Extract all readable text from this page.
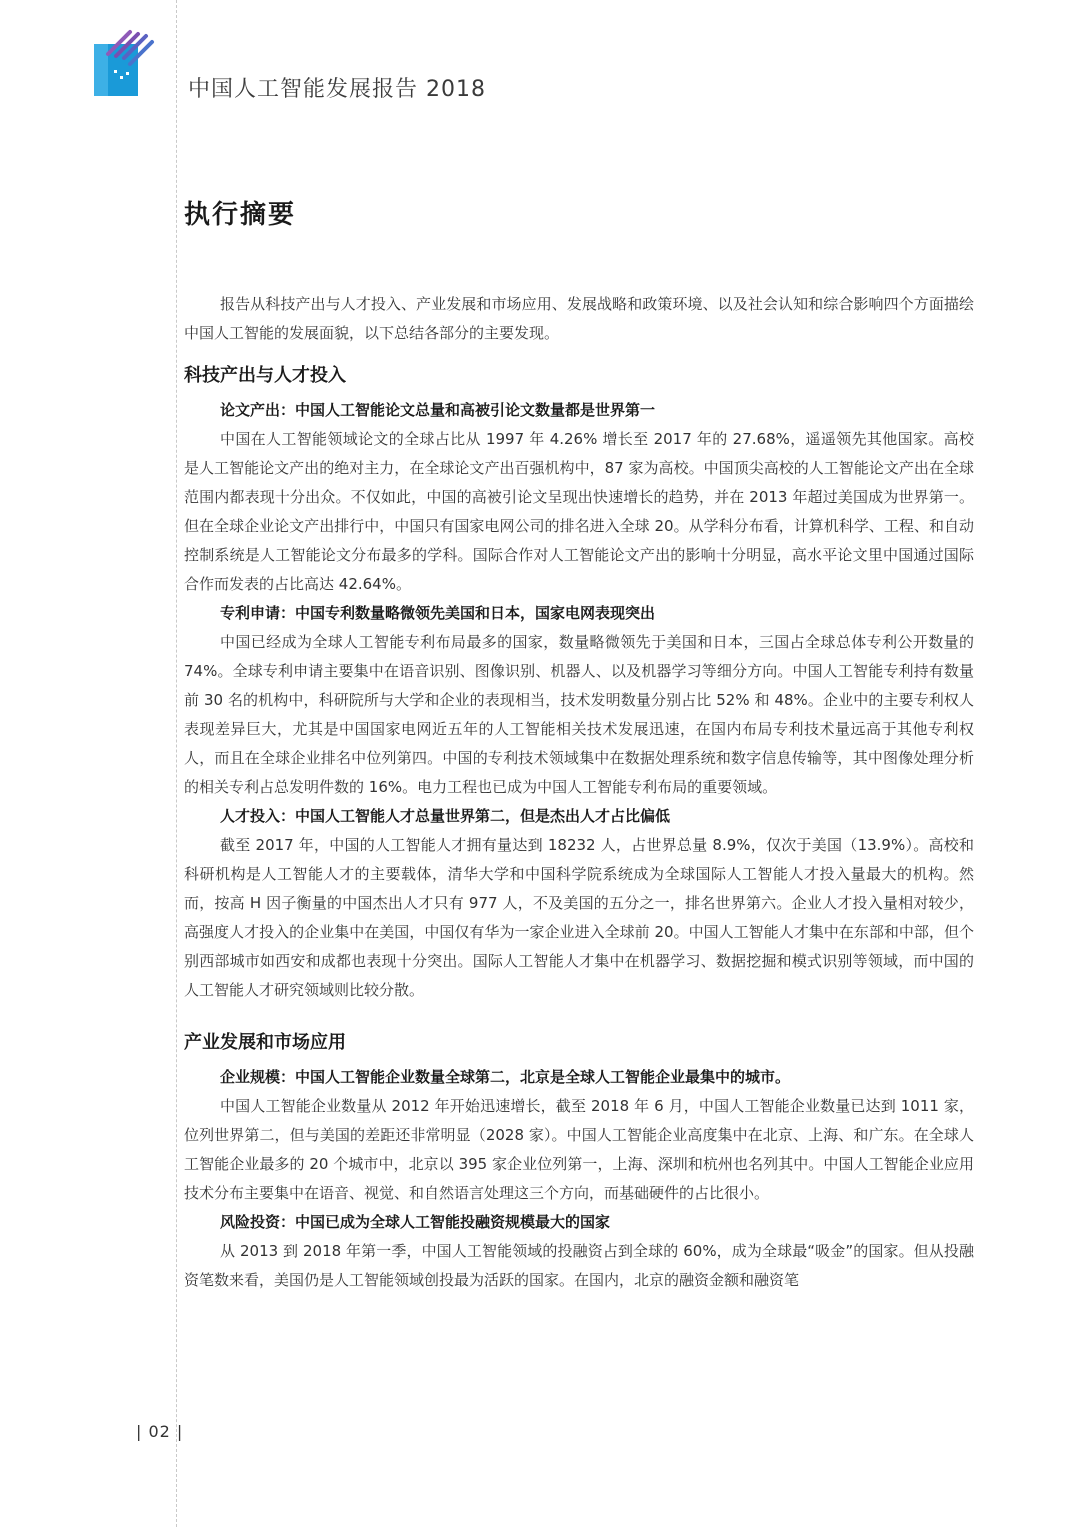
中国人工智能发展报告 2018
执行摘要

报告从科技产出与人才投入、产业发展和市场应用、发展战略和政策环境、以及社会认知和综合影响四个方面描绘中国人工智能的发展面貌，以下总结各部分的主要发现。

科技产出与人才投入
论文产出：中国人工智能论文总量和高被引论文数量都是世界第一

中国在人工智能领域论文的全球占比从 1997 年 4.26% 增长至 2017 年的 27.68%，遥遥领先其他国家。高校是人工智能论文产出的绝对主力，在全球论文产出百强机构中，87 家为高校。中国顶尖高校的人工智能论文产出在全球范围内都表现十分出众。不仅如此，中国的高被引论文呈现出快速增长的趋势，并在 2013 年超过美国成为世界第一。但在全球企业论文产出排行中，中国只有国家电网公司的排名进入全球 20。从学科分布看，计算机科学、工程、和自动控制系统是人工智能论文分布最多的学科。国际合作对人工智能论文产出的影响十分明显，高水平论文里中国通过国际合作而发表的占比高达 42.64%。

专利申请：中国专利数量略微领先美国和日本，国家电网表现突出

中国已经成为全球人工智能专利布局最多的国家，数量略微领先于美国和日本，三国占全球总体专利公开数量的 74%。全球专利申请主要集中在语音识别、图像识别、机器人、以及机器学习等细分方向。中国人工智能专利持有数量前 30 名的机构中，科研院所与大学和企业的表现相当，技术发明数量分别占比 52% 和 48%。企业中的主要专利权人表现差异巨大，尤其是中国国家电网近五年的人工智能相关技术发展迅速，在国内布局专利技术量远高于其他专利权人，而且在全球企业排名中位列第四。中国的专利技术领域集中在数据处理系统和数字信息传输等，其中图像处理分析的相关专利占总发明件数的 16%。电力工程也已成为中国人工智能专利布局的重要领域。

人才投入：中国人工智能人才总量世界第二，但是杰出人才占比偏低

截至 2017 年，中国的人工智能人才拥有量达到 18232 人，占世界总量 8.9%，仅次于美国（13.9%）。高校和科研机构是人工智能人才的主要载体，清华大学和中国科学院系统成为全球国际人工智能人才投入量最大的机构。然而，按高 H 因子衡量的中国杰出人才只有 977 人，不及美国的五分之一，排名世界第六。企业人才投入量相对较少，高强度人才投入的企业集中在美国，中国仅有华为一家企业进入全球前 20。中国人工智能人才集中在东部和中部，但个别西部城市如西安和成都也表现十分突出。国际人工智能人才集中在机器学习、数据挖掘和模式识别等领域，而中国的人工智能人才研究领域则比较分散。

产业发展和市场应用
企业规模：中国人工智能企业数量全球第二，北京是全球人工智能企业最集中的城市。

中国人工智能企业数量从 2012 年开始迅速增长，截至 2018 年 6 月，中国人工智能企业数量已达到 1011 家，位列世界第二，但与美国的差距还非常明显（2028 家）。中国人工智能企业高度集中在北京、上海、和广东。在全球人工智能企业最多的 20 个城市中，北京以 395 家企业位列第一，上海、深圳和杭州也名列其中。中国人工智能企业应用技术分布主要集中在语音、视觉、和自然语言处理这三个方向，而基础硬件的占比很小。

风险投资：中国已成为全球人工智能投融资规模最大的国家

从 2013 到 2018 年第一季，中国人工智能领域的投融资占到全球的 60%，成为全球最“吸金”的国家。但从投融资笔数来看，美国仍是人工智能领域创投最为活跃的国家。在国内，北京的融资金额和融资笔

| 02 |
